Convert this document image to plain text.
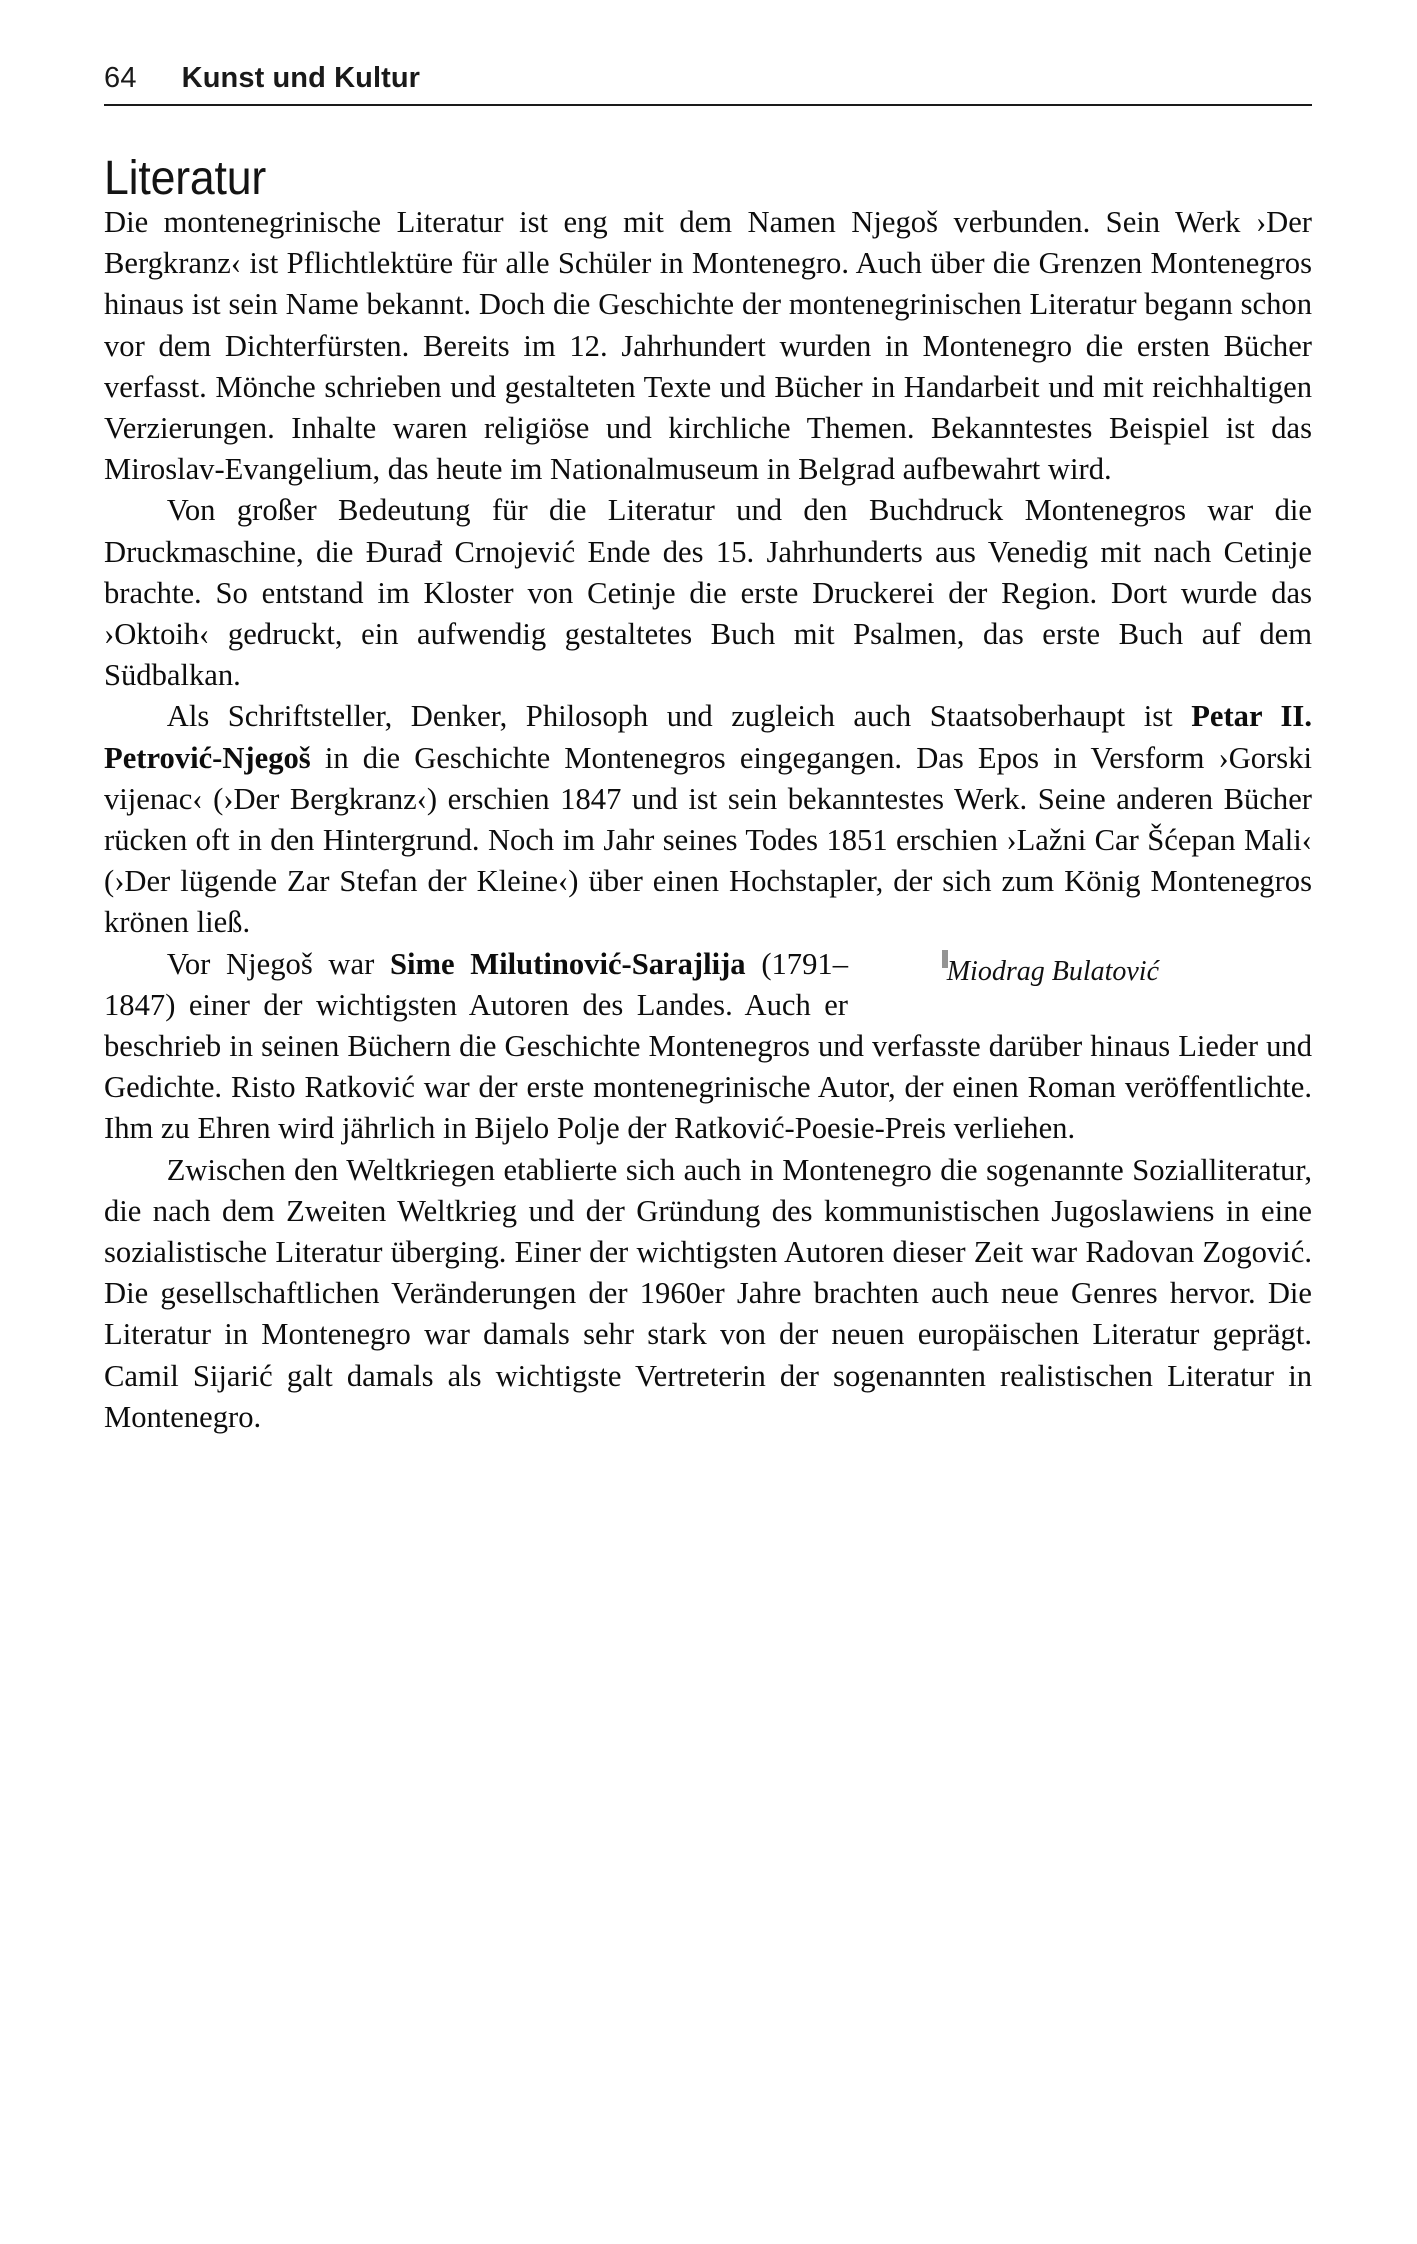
64 Kunst und Kultur
Literatur

Die montenegrinische Literatur ist eng mit dem Namen Njegoš verbunden. Sein Werk ›Der Bergkranz‹ ist Pflichtlektüre für alle Schüler in Montenegro. Auch über die Grenzen Montenegros hinaus ist sein Name bekannt. Doch die Geschichte der montenegrinischen Literatur begann schon vor dem Dichterfürsten. Bereits im 12. Jahrhundert wurden in Montenegro die ersten Bücher verfasst. Mönche schrieben und gestalteten Texte und Bücher in Handarbeit und mit reichhaltigen Verzierungen. Inhalte waren religiöse und kirchliche Themen. Bekanntestes Beispiel ist das Miroslav-Evangelium, das heute im Nationalmuseum in Belgrad aufbewahrt wird.

Von großer Bedeutung für die Literatur und den Buchdruck Montenegros war die Druckmaschine, die Đurađ Crnojević Ende des 15. Jahrhunderts aus Venedig mit nach Cetinje brachte. So entstand im Kloster von Cetinje die erste Druckerei der Region. Dort wurde das ›Oktoih‹ gedruckt, ein aufwendig gestaltetes Buch mit Psalmen, das erste Buch auf dem Südbalkan.

Als Schriftsteller, Denker, Philosoph und zugleich auch Staatsoberhaupt ist Petar II. Petrović-Njegoš in die Geschichte Montenegros eingegangen. Das Epos in Versform ›Gorski vijenac‹ (›Der Bergkranz‹) erschien 1847 und ist sein bekanntestes Werk. Seine anderen Bücher rücken oft in den Hintergrund. Noch im Jahr seines Todes 1851 erschien ›Lažni Car Šćepan Mali‹ (›Der lügende Zar Stefan der Kleine‹) über einen Hochstapler, der sich zum König Montenegros krönen ließ.

Miodrag Bulatović
Vor Njegoš war Sime Milutinović-Sarajlija (1791–1847) einer der wichtigsten Autoren des Landes. Auch er beschrieb in seinen Büchern die Geschichte Montenegros und verfasste darüber hinaus Lieder und Gedichte. Risto Ratković war der erste montenegrinische Autor, der einen Roman veröffentlichte. Ihm zu Ehren wird jährlich in Bijelo Polje der Ratković-Poesie-Preis verliehen.

Zwischen den Weltkriegen etablierte sich auch in Montenegro die sogenannte Sozialliteratur, die nach dem Zweiten Weltkrieg und der Gründung des kommunistischen Jugoslawiens in eine sozialistische Literatur überging. Einer der wichtigsten Autoren dieser Zeit war Radovan Zogović. Die gesellschaftlichen Veränderungen der 1960er Jahre brachten auch neue Genres hervor. Die Literatur in Montenegro war damals sehr stark von der neuen europäischen Literatur geprägt. Camil Sijarić galt damals als wichtigste Vertreterin der sogenannten realistischen Literatur in Montenegro.
